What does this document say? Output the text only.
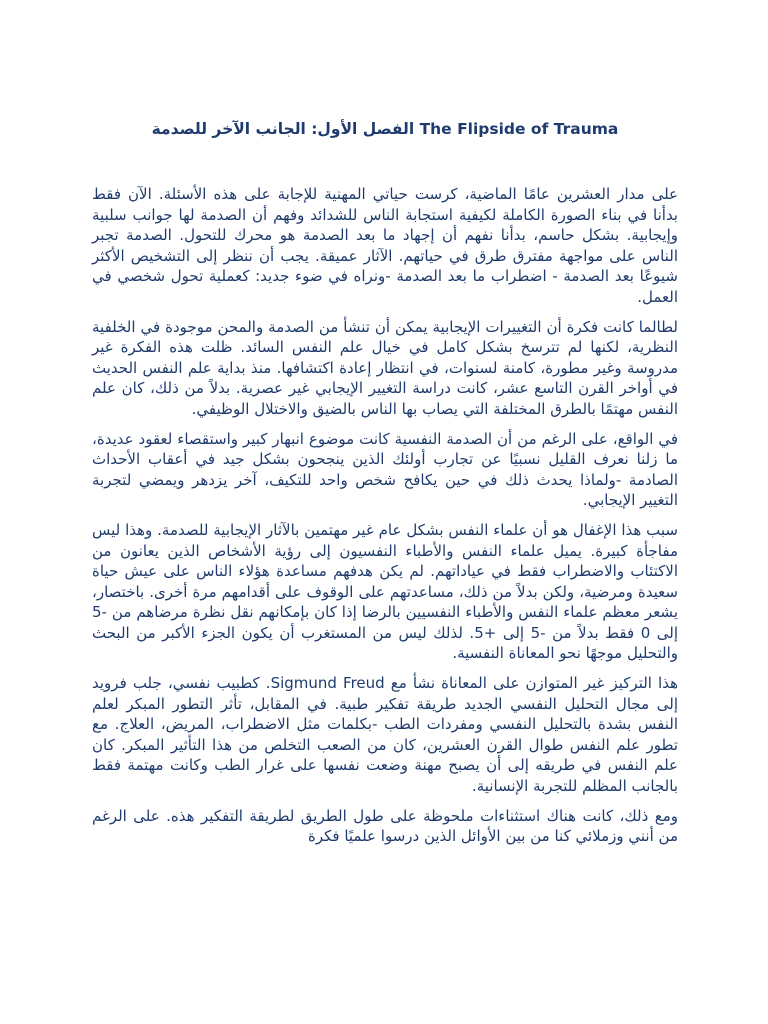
الفصل الأول: الجانب الآخر للصدمة The Flipside of Trauma

على مدار العشرين عامًا الماضية، كرست حياتي المهنية للإجابة على هذه الأسئلة. الآن فقط بدأنا في بناء الصورة الكاملة لكيفية استجابة الناس للشدائد وفهم أن الصدمة لها جوانب سلبية وإيجابية. بشكل حاسم، بدأنا نفهم أن إجهاد ما بعد الصدمة هو محرك للتحول. الصدمة تجبر الناس على مواجهة مفترق طرق في حياتهم. الآثار عميقة. يجب أن ننظر إلى التشخيص الأكثر شيوعًا بعد الصدمة - اضطراب ما بعد الصدمة -ونراه في ضوء جديد: كعملية تحول شخصي في العمل.

لطالما كانت فكرة أن التغييرات الإيجابية يمكن أن تنشأ من الصدمة والمحن موجودة في الخلفية النظرية، لكنها لم تترسخ بشكل كامل في خيال علم النفس السائد. ظلت هذه الفكرة غير مدروسة وغير مطورة، كامنة لسنوات، في انتظار إعادة اكتشافها. منذ بداية علم النفس الحديث في أواخر القرن التاسع عشر، كانت دراسة التغيير الإيجابي غير عصرية. بدلاً من ذلك، كان علم النفس مهتمًا بالطرق المختلفة التي يصاب بها الناس بالضيق والاختلال الوظيفي.

في الواقع، على الرغم من أن الصدمة النفسية كانت موضوع انبهار كبير واستقصاء لعقود عديدة، ما زلنا نعرف القليل نسبيًا عن تجارب أولئك الذين ينجحون بشكل جيد في أعقاب الأحداث الصادمة -ولماذا يحدث ذلك في حين يكافح شخص واحد للتكيف، آخر يزدهر ويمضي لتجربة التغيير الإيجابي.

سبب هذا الإغفال هو أن علماء النفس بشكل عام غير مهتمين بالآثار الإيجابية للصدمة. وهذا ليس مفاجأة كبيرة. يميل علماء النفس والأطباء النفسيون إلى رؤية الأشخاص الذين يعانون من الاكتئاب والاضطراب فقط في عياداتهم. لم يكن هدفهم مساعدة هؤلاء الناس على عيش حياة سعيدة ومرضية، ولكن بدلاً من ذلك، مساعدتهم على الوقوف على أقدامهم مرة أخرى. باختصار، يشعر معظم علماء النفس والأطباء النفسيين بالرضا إذا كان بإمكانهم نقل نظرة مرضاهم من -5 إلى 0 فقط بدلاً من -5 إلى +5. لذلك ليس من المستغرب أن يكون الجزء الأكبر من البحث والتحليل موجهًا نحو المعاناة النفسية.

هذا التركيز غير المتوازن على المعاناة نشأ مع Sigmund Freud. كطبيب نفسي، جلب فرويد إلى مجال التحليل النفسي الجديد طريقة تفكير طبية. في المقابل، تأثر التطور المبكر لعلم النفس بشدة بالتحليل النفسي ومفردات الطب -بكلمات مثل الاضطراب، المريض، العلاج. مع تطور علم النفس طوال القرن العشرين، كان من الصعب التخلص من هذا التأثير المبكر. كان علم النفس في طريقه إلى أن يصبح مهنة وضعت نفسها على غرار الطب وكانت مهتمة فقط بالجانب المظلم للتجربة الإنسانية.

ومع ذلك، كانت هناك استثناءات ملحوظة على طول الطريق لطريقة التفكير هذه. على الرغم من أنني وزملائي كنا من بين الأوائل الذين درسوا علميًا فكرة
